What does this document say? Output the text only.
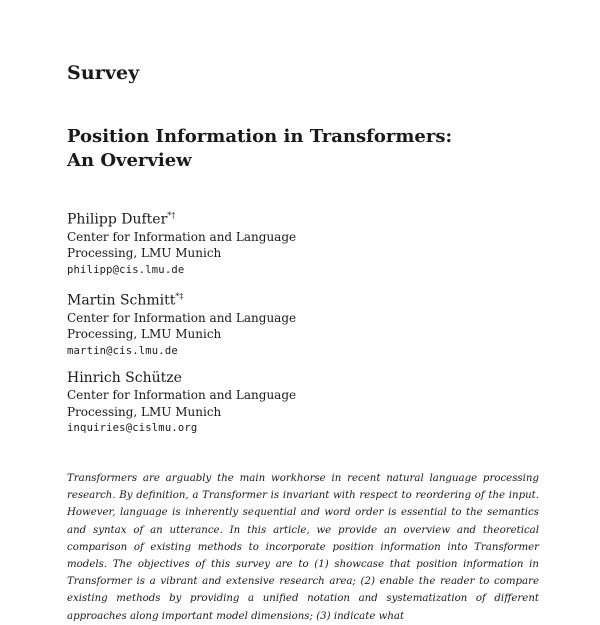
Survey
Position Information in Transformers:
An Overview
Philipp Dufter*†
Center for Information and Language
Processing, LMU Munich
philipp@cis.lmu.de
Martin Schmitt*‡
Center for Information and Language
Processing, LMU Munich
martin@cis.lmu.de
Hinrich Schütze
Center for Information and Language
Processing, LMU Munich
inquiries@cislmu.org

Transformers are arguably the main workhorse in recent natural language processing research. By definition, a Transformer is invariant with respect to reordering of the input. However, language is inherently sequential and word order is essential to the semantics and syntax of an utterance. In this article, we provide an overview and theoretical comparison of existing methods to incorporate position information into Transformer models. The objectives of this survey are to (1) showcase that position information in Transformer is a vibrant and extensive research area; (2) enable the reader to compare existing methods by providing a unified notation and systematization of different approaches along important model dimensions; (3) indicate what
